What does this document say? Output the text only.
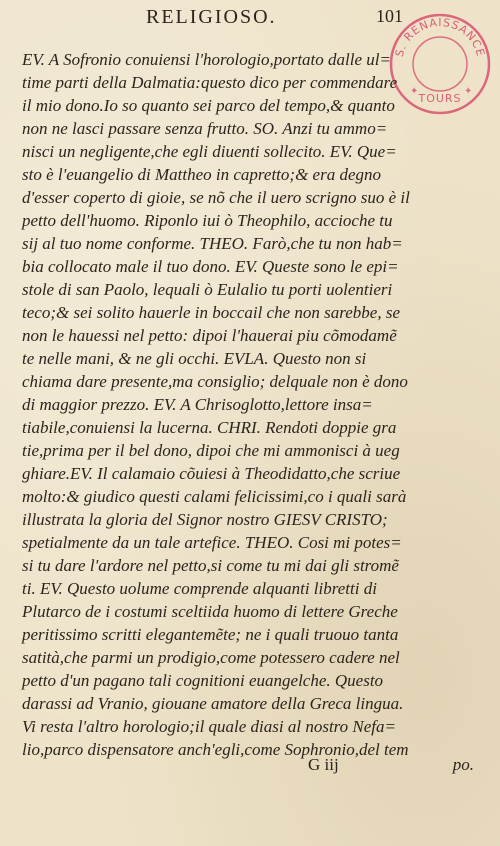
RELIGIOSO.	101
S. RENAISSANCE
TOURS
✦	✦
EV. A Sofronio conuiensi l'horologio,portato dalle ul=
time parti della Dalmatia:questo dico per commendare
il mio dono.Io so quanto sei parco del tempo,& quanto
non ne lasci passare senza frutto. SO. Anzi tu ammo=
nisci un negligente,che egli diuenti sollecito. EV. Que=
sto è l'euangelio di Mattheo in capretto;& era degno
d'esser coperto di gioie, se nõ che il uero scrigno suo è il
petto dell'huomo. Riponlo iui ò Theophilo, accioche tu
sij al tuo nome conforme. THEO. Farò,che tu non hab=
bia collocato male il tuo dono. EV. Queste sono le epi=
stole di san Paolo, lequali ò Eulalio tu porti uolentieri
teco;& sei solito hauerle in boccail che non sarebbe, se
non le hauessi nel petto: dipoi l'hauerai piu cõmodamẽ
te nelle mani, & ne gli occhi. EVLA. Questo non si
chiama dare presente,ma consiglio; delquale non è dono
di maggior prezzo. EV. A Chrisoglotto,lettore insa=
tiabile,conuiensi la lucerna. CHRI. Rendoti doppie gra
tie,prima per il bel dono, dipoi che mi ammonisci à ueg
ghiare.EV. Il calamaio cõuiesi à Theodidatto,che scriue
molto:& giudico questi calami felicissimi,co i quali sarà
illustrata la gloria del Signor nostro GIESV CRISTO;
spetialmente da un tale artefice. THEO. Cosi mi potes=
si tu dare l'ardore nel petto,si come tu mi dai gli stromẽ
ti. EV. Questo uolume comprende alquanti libretti di
Plutarco de i costumi sceltiida huomo di lettere Greche
peritissimo scritti elegantemẽte; ne i quali truouo tanta
satità,che parmi un prodigio,come potessero cadere nel
petto d'un pagano tali cognitioni euangelche. Questo
darassi ad Vranio, giouane amatore della Greca lingua.
Vi resta l'altro horologio;il quale diasi al nostro Nefa=
lio,parco dispensatore anch'egli,come Sophronio,del tem
G iij	po.
